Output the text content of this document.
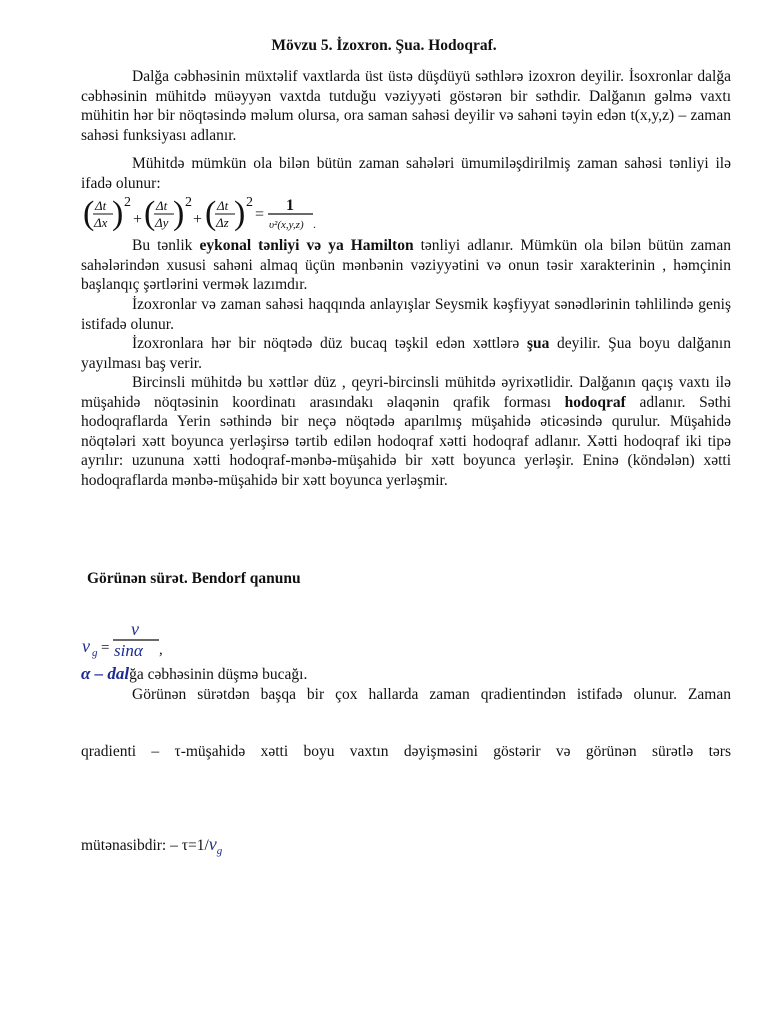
Mövzu 5. İzoxron. Şua. Hodoqraf.
Dalğa cəbhəsinin müxtəlif vaxtlarda üst üstə düşdüyü səthlərə izoxron deyilir. İsoxronlar dalğa cəbhəsinin mühitdə müəyyən vaxtda tutduğu vəziyyəti göstərən bir səthdir. Dalğanın gəlmə vaxtı mühitin hər bir nöqtəsində məlum olursa, ora saman sahəsi deyilir və sahəni təyin edən t(x,y,z) – zaman sahəsi funksiyası adlanır.
Mühitdə mümkün ola bilən bütün zaman sahələri ümumiləşdirilmiş zaman sahəsi tənliyi ilə ifadə olunur:
( Δt
Δx ) 2
+ ( Δt
Δy ) 2
+ ( Δt
Δz ) 2
=
1
υ²(x,y,z) .
Bu tənlik eykonal tənliyi və ya Hamilton tənliyi adlanır. Mümkün ola bilən bütün zaman sahələrindən xususi sahəni almaq üçün mənbənin vəziyyətini və onun təsir xarakterinin , həmçinin başlanqıç şərtlərini vermək lazımdır.
İzoxronlar və zaman sahəsi haqqında anlayışlar Seysmik kəşfiyyat sənədlərinin təhlilində geniş istifadə olunur.
İzoxronlara hər bir nöqtədə düz bucaq təşkil edən xəttlərə şua deyilir. Şua boyu dalğanın yayılması baş verir.
Bircinsli mühitdə bu xəttlər düz , qeyri-bircinsli mühitdə əyrixətlidir. Dalğanın qaçış vaxtı ilə müşahidə nöqtəsinin koordinatı arasındakı əlaqənin qrafik forması hodoqraf adlanır. Səthi hodoqraflarda Yerin səthində bir neçə nöqtədə aparılmış müşahidə əticəsində qurulur. Müşahidə nöqtələri xətt boyunca yerləşirsə tərtib edilən hodoqraf xətti hodoqraf adlanır. Xətti hodoqraf iki tipə ayrılır: uzununa xətti hodoqraf-mənbə-müşahidə bir xətt boyunca yerləşir. Eninə (köndələn) xətti hodoqraflarda mənbə-müşahidə bir xətt boyunca yerləşmir.
Görünən sürət. Bendorf qanunu
v g =
v
sinα ,
α – dalğa cəbhəsinin düşmə bucağı.
Görünən sürətdən başqa bir çox hallarda zaman qradientindən istifadə olunur. Zaman
qradienti – τ-müşahidə xətti boyu vaxtın dəyişməsini göstərir və görünən sürətlə tərs
mütənasibdir: – $\tau=1/v_g$
